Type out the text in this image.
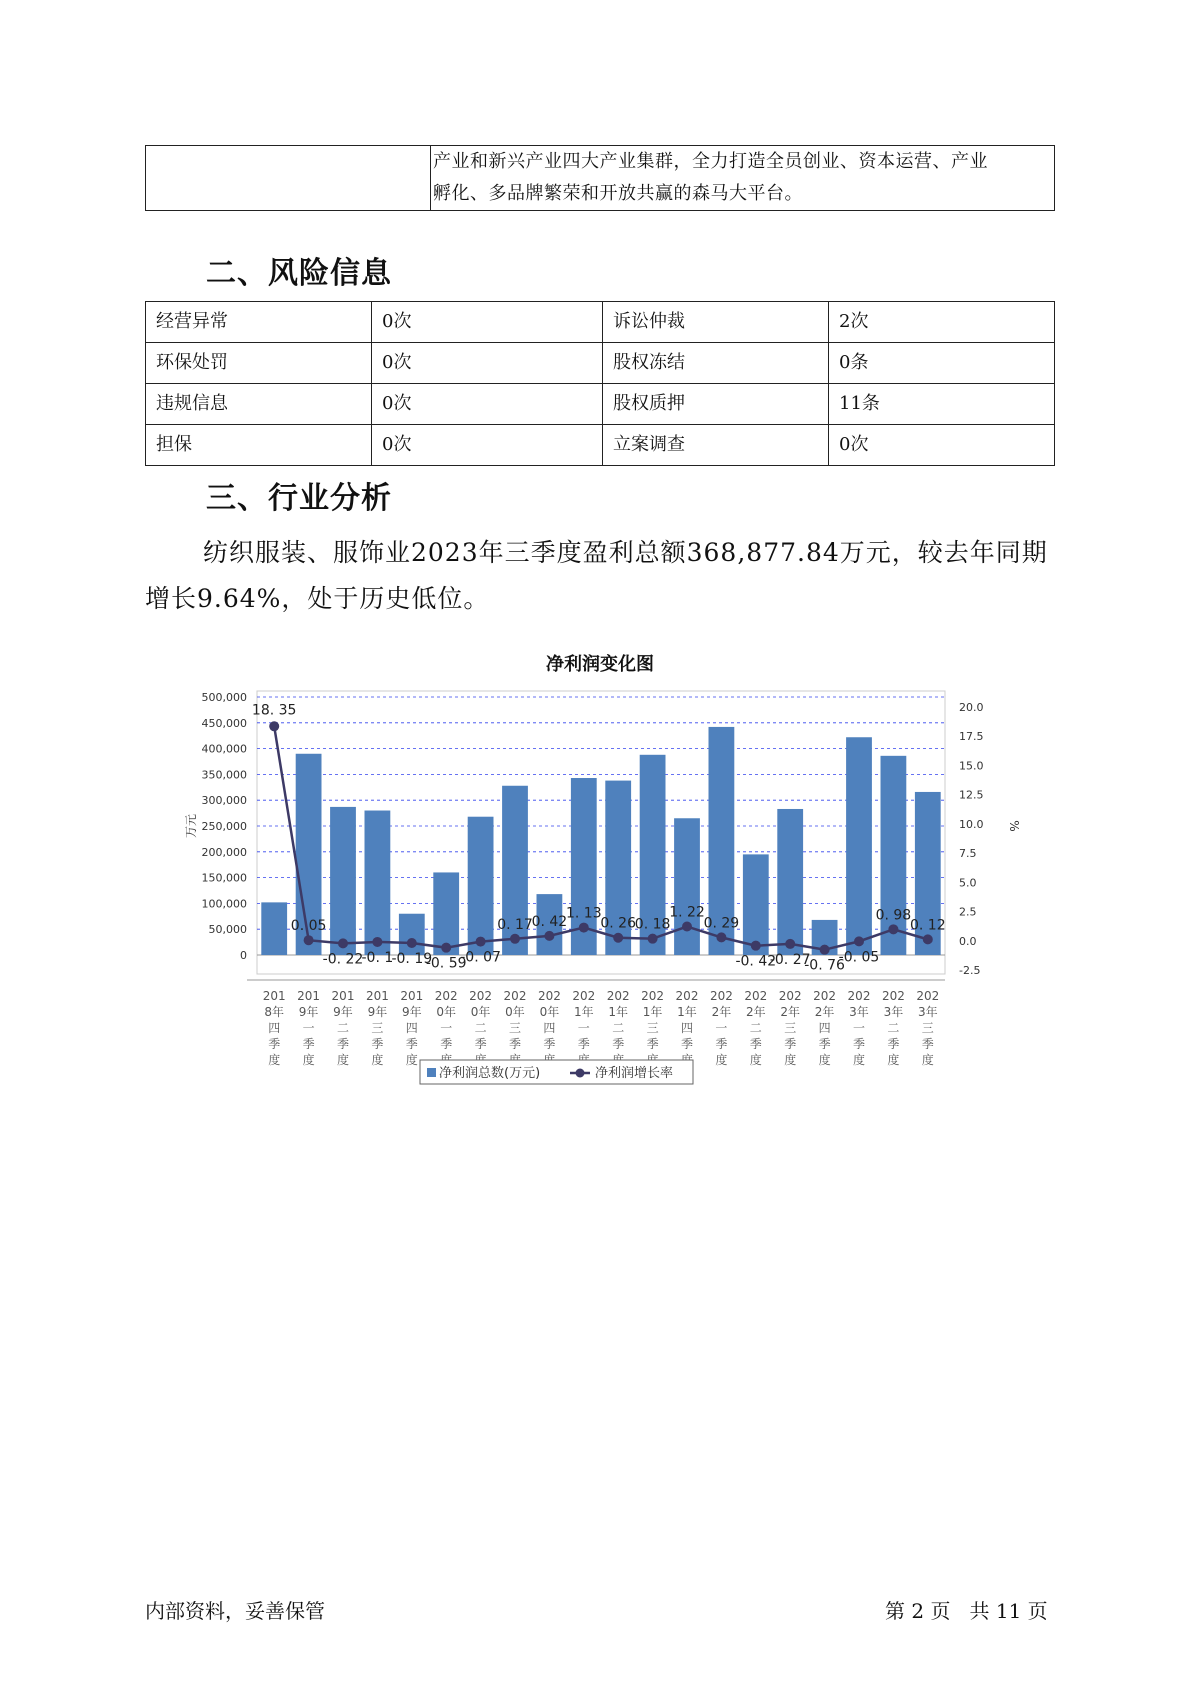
产业和新兴产业四大产业集群，全力打造全员创业、资本运营、产业
孵化、多品牌繁荣和开放共赢的森马大平台。
二、风险信息
经营异常	0次	诉讼仲裁	2次
环保处罚	0次	股权冻结	0条
违规信息	0次	股权质押	11条
担保	0次	立案调查	0次
三、行业分析

纺织服装、服饰业2023年三季度盈利总额368,877.84万元，较去年同期增长9.64%，处于历史低位。

净利润变化图
0
50,000
100,000
150,000
200,000
250,000
300,000
350,000
400,000
450,000
500,000
-2.5
0.0
2.5
5.0
7.5
10.0
12.5
15.0
17.5
20.0
万元	%
18. 35
0. 05
-0. 22
-0. 1
-0. 19
-0. 59
-0. 07
0. 17
0. 42
1. 13
0. 26
0. 18
1. 22
0. 29
-0. 42
-0. 27
-0. 76
-0. 05
0. 98
0. 12
201
8年
四
季
度
201
9年
一
季
度
201
9年
二
季
度
201
9年
三
季
度
201
9年
四
季
度
202
0年
一
季
202
0年
二
季
202
0年
三
季
202
0年
四
季
202
1年
一
季
202
1年
二
季
202
1年
三
季
202
1年
四
季
202
2年
一
季
度
202
2年
二
季
度
202
2年
三
季
度
202
2年
四
季
度
202
3年
一
季
度
202
3年
二
季
度
202
3年
三
季
度
净利润总数(万元)	净利润增长率
内部资料，妥善保管	第 2 页   共 11 页
